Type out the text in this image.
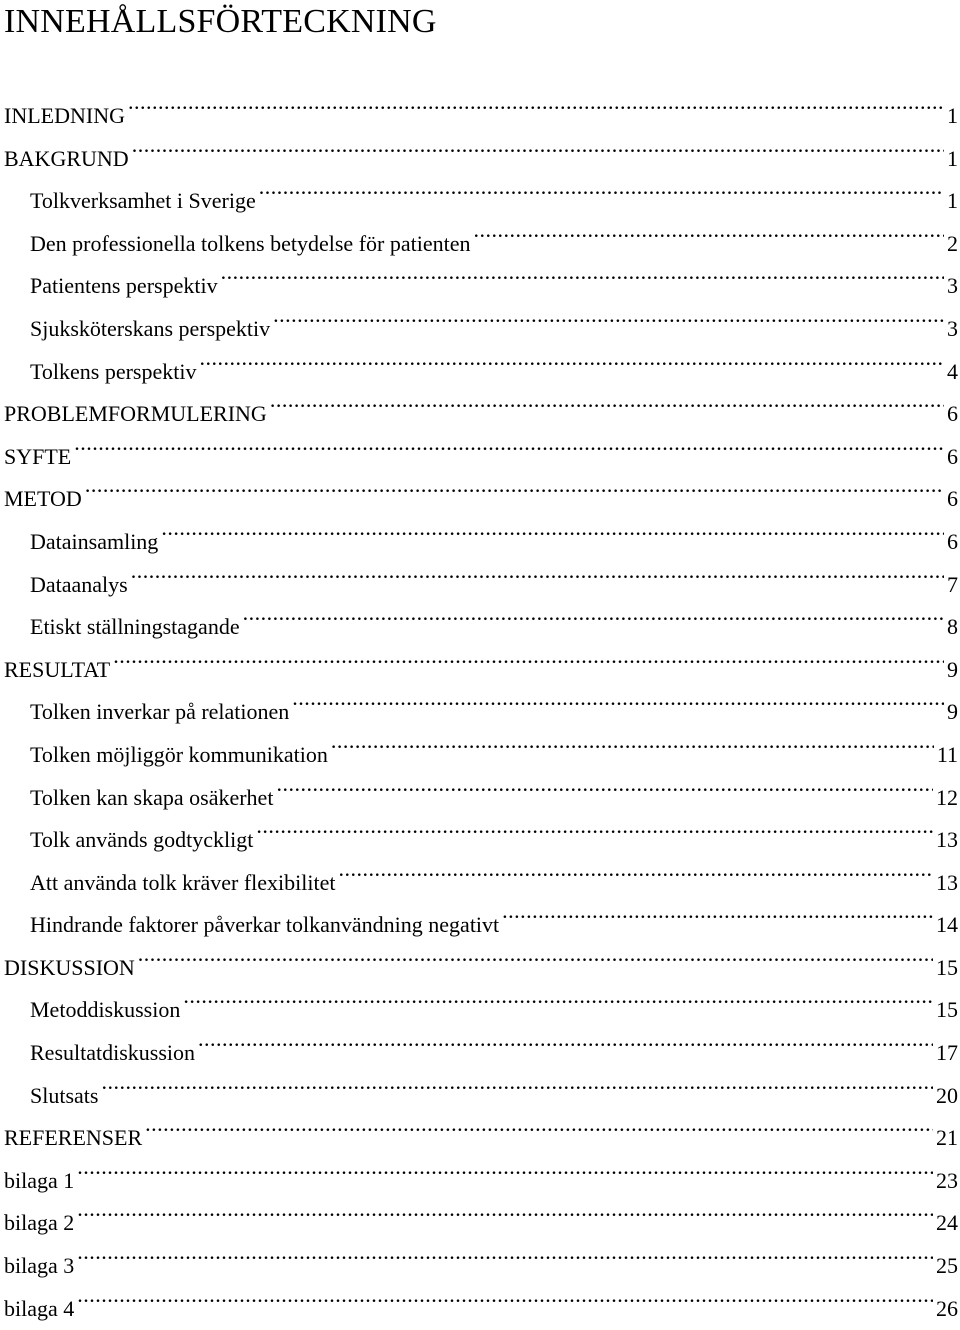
INNEHÅLLSFÖRTECKNING
INLEDNING .....	1
BAKGRUND .....	1
Tolkverksamhet i Sverige .....	1
Den professionella tolkens betydelse för patienten .....	2
Patientens perspektiv .....	3
Sjuksköterskans perspektiv .....	3
Tolkens perspektiv .....	4
PROBLEMFORMULERING .....	6
SYFTE .....	6
METOD .....	6
Datainsamling .....	6
Dataanalys .....	7
Etiskt ställningstagande .....	8
RESULTAT .....	9
Tolken inverkar på relationen .....	9
Tolken möjliggör kommunikation .....	11
Tolken kan skapa osäkerhet .....	12
Tolk används godtyckligt .....	13
Att använda tolk kräver flexibilitet .....	13
Hindrande faktorer påverkar tolkanvändning negativt .....	14
DISKUSSION .....	15
Metoddiskussion .....	15
Resultatdiskussion .....	17
Slutsats .....	20
REFERENSER .....	21
bilaga 1 .....	23
bilaga 2 .....	24
bilaga 3 .....	25
bilaga 4 .....	26
